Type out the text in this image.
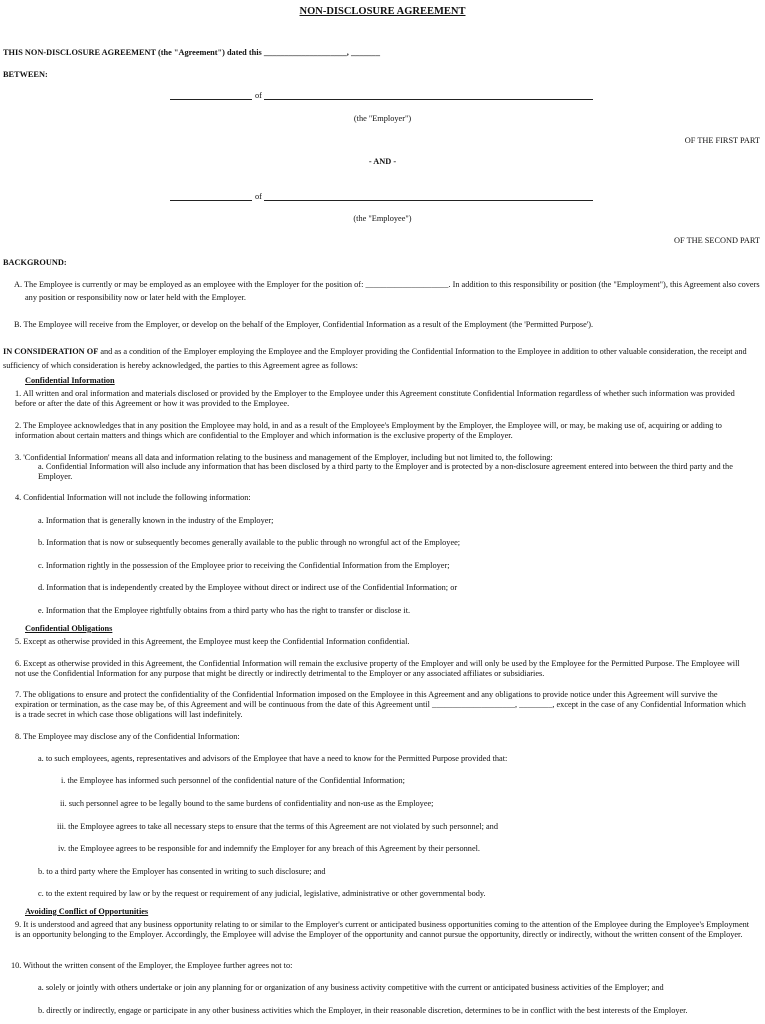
NON-DISCLOSURE AGREEMENT
THIS NON-DISCLOSURE AGREEMENT (the "Agreement") dated this ____________________, _______
BETWEEN:
of
(the "Employer")
OF THE FIRST PART
- AND -
of
(the "Employee")
OF THE SECOND PART
BACKGROUND:
A. The Employee is currently or may be employed as an employee with the Employer for the position of: ____________________. In addition to this responsibility or position (the "Employment"), this Agreement also covers
any position or responsibility now or later held with the Employer.
B. The Employee will receive from the Employer, or develop on the behalf of the Employer, Confidential Information as a result of the Employment (the 'Permitted Purpose').
IN CONSIDERATION OF and as a condition of the Employer employing the Employee and the Employer providing the Confidential Information to the Employee in addition to other valuable consideration, the receipt and
sufficiency of which consideration is hereby acknowledged, the parties to this Agreement agree as follows:
Confidential Information
1. All written and oral information and materials disclosed or provided by the Employer to the Employee under this Agreement constitute Confidential Information regardless of whether such information was provided before or after the date of this Agreement or how it was provided to the Employee.
2. The Employee acknowledges that in any position the Employee may hold, in and as a result of the Employee's Employment by the Employer, the Employee will, or may, be making use of, acquiring or adding to information about certain matters and things which are confidential to the Employer and which information is the exclusive property of the Employer.
3. 'Confidential Information' means all data and information relating to the business and management of the Employer, including but not limited to, the following:
a. Confidential Information will also include any information that has been disclosed by a third party to the Employer and is protected by a non-disclosure agreement entered into between the third party and the Employer.
4. Confidential Information will not include the following information:
a. Information that is generally known in the industry of the Employer;
b. Information that is now or subsequently becomes generally available to the public through no wrongful act of the Employee;
c. Information rightly in the possession of the Employee prior to receiving the Confidential Information from the Employer;
d. Information that is independently created by the Employee without direct or indirect use of the Confidential Information; or
e. Information that the Employee rightfully obtains from a third party who has the right to transfer or disclose it.
Confidential Obligations
5. Except as otherwise provided in this Agreement, the Employee must keep the Confidential Information confidential.
6. Except as otherwise provided in this Agreement, the Confidential Information will remain the exclusive property of the Employer and will only be used by the Employee for the Permitted Purpose. The Employee will not use the Confidential Information for any purpose that might be directly or indirectly detrimental to the Employer or any associated affiliates or subsidiaries.
7. The obligations to ensure and protect the confidentiality of the Confidential Information imposed on the Employee in this Agreement and any obligations to provide notice under this Agreement will survive the expiration or termination, as the case may be, of this Agreement and will be continuous from the date of this Agreement until ____________________, ________, except in the case of any Confidential Information which is a trade secret in which case those obligations will last indefinitely.
8. The Employee may disclose any of the Confidential Information:
a. to such employees, agents, representatives and advisors of the Employee that have a need to know for the Permitted Purpose provided that:
i. the Employee has informed such personnel of the confidential nature of the Confidential Information;
ii. such personnel agree to be legally bound to the same burdens of confidentiality and non-use as the Employee;
iii. the Employee agrees to take all necessary steps to ensure that the terms of this Agreement are not violated by such personnel; and
iv. the Employee agrees to be responsible for and indemnify the Employer for any breach of this Agreement by their personnel.
b. to a third party where the Employer has consented in writing to such disclosure; and
c. to the extent required by law or by the request or requirement of any judicial, legislative, administrative or other governmental body.
Avoiding Conflict of Opportunities
9. It is understood and agreed that any business opportunity relating to or similar to the Employer's current or anticipated business opportunities coming to the attention of the Employee during the Employee's Employment is an opportunity belonging to the Employer. Accordingly, the Employee will advise the Employer of the opportunity and cannot pursue the opportunity, directly or indirectly, without the written consent of the Employer.
10. Without the written consent of the Employer, the Employee further agrees not to:
a. solely or jointly with others undertake or join any planning for or organization of any business activity competitive with the current or anticipated business activities of the Employer; and
b. directly or indirectly, engage or participate in any other business activities which the Employer, in their reasonable discretion, determines to be in conflict with the best interests of the Employer.
